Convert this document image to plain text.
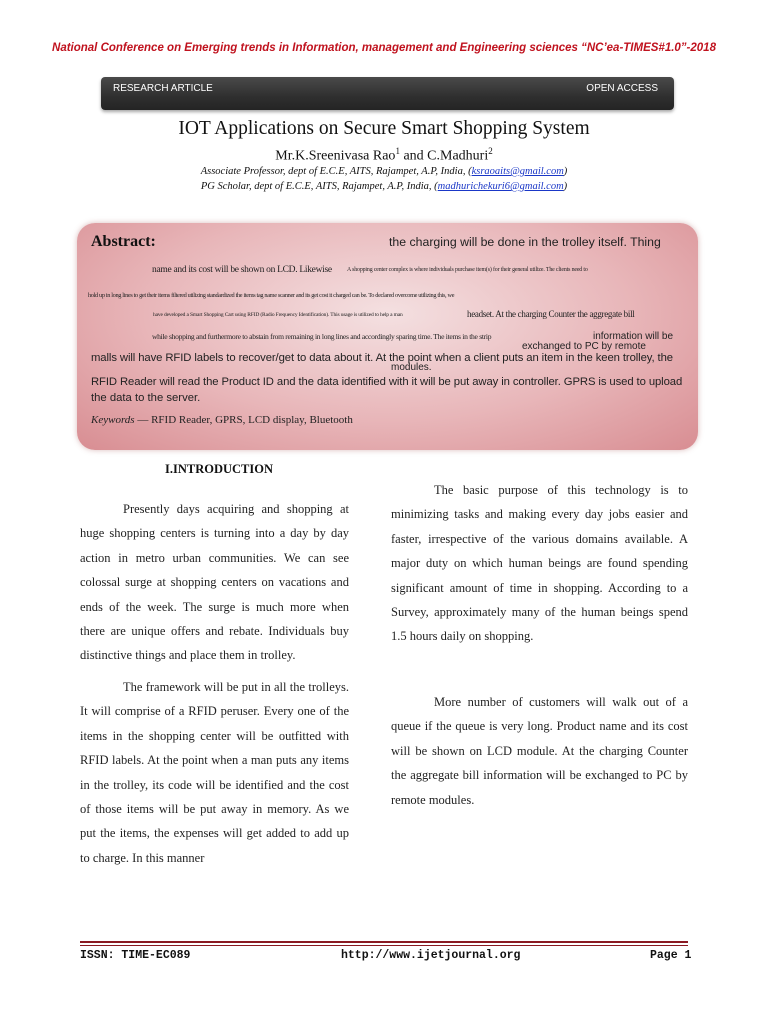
National Conference on Emerging trends in Information, management and Engineering sciences “NC’ea-TIMES#1.0”-2018
RESEARCH ARTICLE	OPEN ACCESS
IOT Applications on Secure Smart Shopping System
Mr.K.Sreenivasa Rao$^1$ and C.Madhuri$^2$
Associate Professor, dept of E.C.E, AITS, Rajampet, A.P, India, (ksraoaits@gmail.com)
PG Scholar, dept of E.C.E, AITS, Rajampet, A.P, India, (madhurichekuri6@gmail.com)
Abstract:	the charging will be done in the trolley itself. Thing
name and its cost will be shown on LCD. Likewise	A shopping center complex is where individuals purchase item(s) for their general utilize. The clients need to
hold up in long lines to get their items filtered utilizing standardized the items tag name scanner and its get cost it charged can be. To declared overcome utilizing this, we
have developed a Smart Shopping Cart using RFID (Radio Frequency Identification). This usage is utilized to help a man	headset. At the charging Counter the aggregate bill
while shopping and furthermore to abstain from remaining in long lines and accordingly sparing time. The items in the strip	information will be
exchanged to PC by remote
modules.
malls will have RFID labels to recover/get to data about it. At the point when a client puts an item in the keen trolley, the
RFID Reader will read the Product ID and the data identified with it will be put away in controller. GPRS is used to upload
the data to the server.
Keywords — RFID Reader, GPRS, LCD display, Bluetooth
I.INTRODUCTION

Presently days acquiring and shopping at huge shopping centers is turning into a day by day action in metro urban communities. We can see colossal surge at shopping centers on vacations and ends of the week. The surge is much more when there are unique offers and rebate. Individuals buy distinctive things and place them in trolley.

The framework will be put in all the trolleys. It will comprise of a RFID peruser. Every one of the items in the shopping center will be outfitted with RFID labels. At the point when a man puts any items in the trolley, its code will be identified and the cost of those items will be put away in memory. As we put the items, the expenses will get added to add up to charge. In this manner

The basic purpose of this technology is to minimizing tasks and making every day jobs easier and faster, irrespective of the various domains available. A major duty on which human beings are found spending significant amount of time in shopping. According to a Survey, approximately many of the human beings spend 1.5 hours daily on shopping.

More number of customers will walk out of a queue if the queue is very long. Product name and its cost will be shown on LCD module. At the charging Counter the aggregate bill information will be exchanged to PC by remote modules.

ISSN: TIME-EC089	http://www.ijetjournal.org	Page 1
